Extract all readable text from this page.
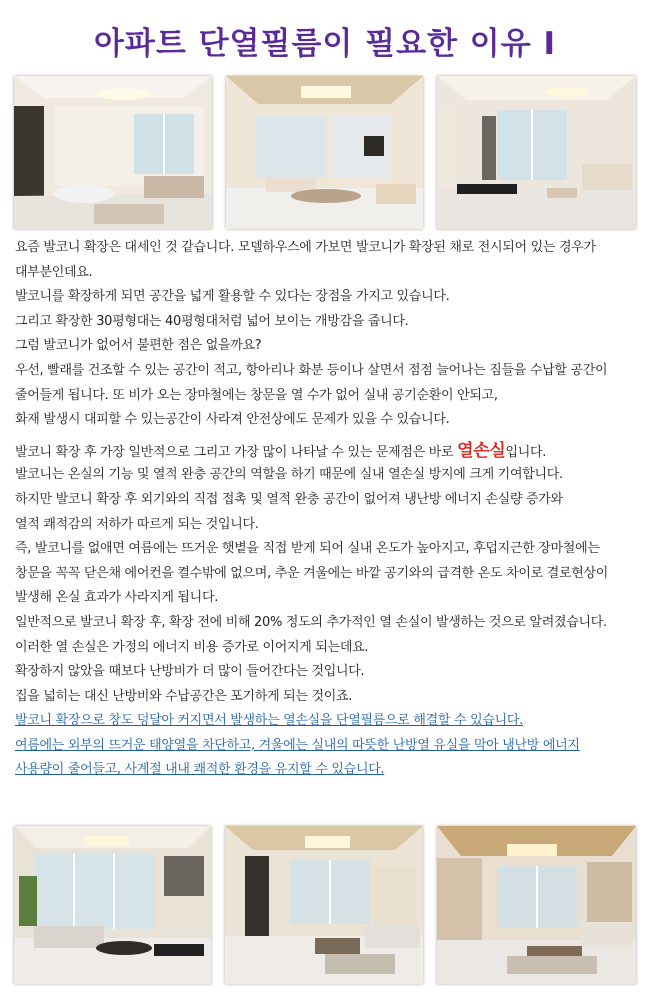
아파트 단열필름이 필요한 이유 I
요즘 발코니 확장은 대세인 것 같습니다. 모델하우스에 가보면 발코니가 확장된 채로 전시되어 있는 경우가
대부분인데요.
발코니를 확장하게 되면 공간을 넓게 활용할 수 있다는 장점을 가지고 있습니다.
그리고 확장한 30평형대는 40평형대처럼 넓어 보이는 개방감을 줍니다.
그럼 발코니가 없어서 불편한 점은 없을까요?
우선, 빨래를 건조할 수 있는 공간이 적고, 항아리나 화분 등이나 살면서 점점 늘어나는 짐들을 수납할 공간이
줄어들게 됩니다. 또 비가 오는 장마철에는 창문을 열 수가 없어 실내 공기순환이 안되고,
화재 발생시 대피할 수 있는공간이 사라져 안전상에도 문제가 있을 수 있습니다.
발코니 확장 후 가장 일반적으로 그리고 가장 많이 나타날 수 있는 문제점은 바로 열손실입니다.
발코니는 온실의 기능 및 열적 완충 공간의 역할을 하기 때문에 실내 열손실 방지에 크게 기여합니다.
하지만 발코니 확장 후 외기와의 직접 접촉 및 열적 완충 공간이 없어져 냉난방 에너지 손실량 증가와
열적 쾌적감의 저하가 따르게 되는 것입니다.
즉, 발코니를 없애면 여름에는 뜨거운 햇볕을 직접 받게 되어 실내 온도가 높아지고, 후덥지근한 장마철에는
창문을 꼭꼭 닫은채 에어컨을 켤수밖에 없으며, 추운 겨울에는 바깥 공기와의 급격한 온도 차이로 결로현상이
발생해 온실 효과가 사라지게 됩니다.
일반적으로 발코니 확장 후, 확장 전에 비해 20% 정도의 추가적인 열 손실이 발생하는 것으로 알려졌습니다.
이러한 열 손실은 가정의 에너지 비용 증가로 이어지게 되는데요.
확장하지 않았을 때보다 난방비가 더 많이 들어간다는 것입니다.
집을 넓히는 대신 난방비와 수납공간은 포기하게 되는 것이죠.
발코니 확장으로 창도 덩달아 커지면서 발생하는 열손실을 단열필름으로 해결할 수 있습니다.
여름에는 외부의 뜨거운 태양열을 차단하고, 겨울에는 실내의 따뜻한 난방열 유실을 막아 냉난방 에너지
사용량이 줄어들고, 사계절 내내 쾌적한 환경을 유지할 수 있습니다.
